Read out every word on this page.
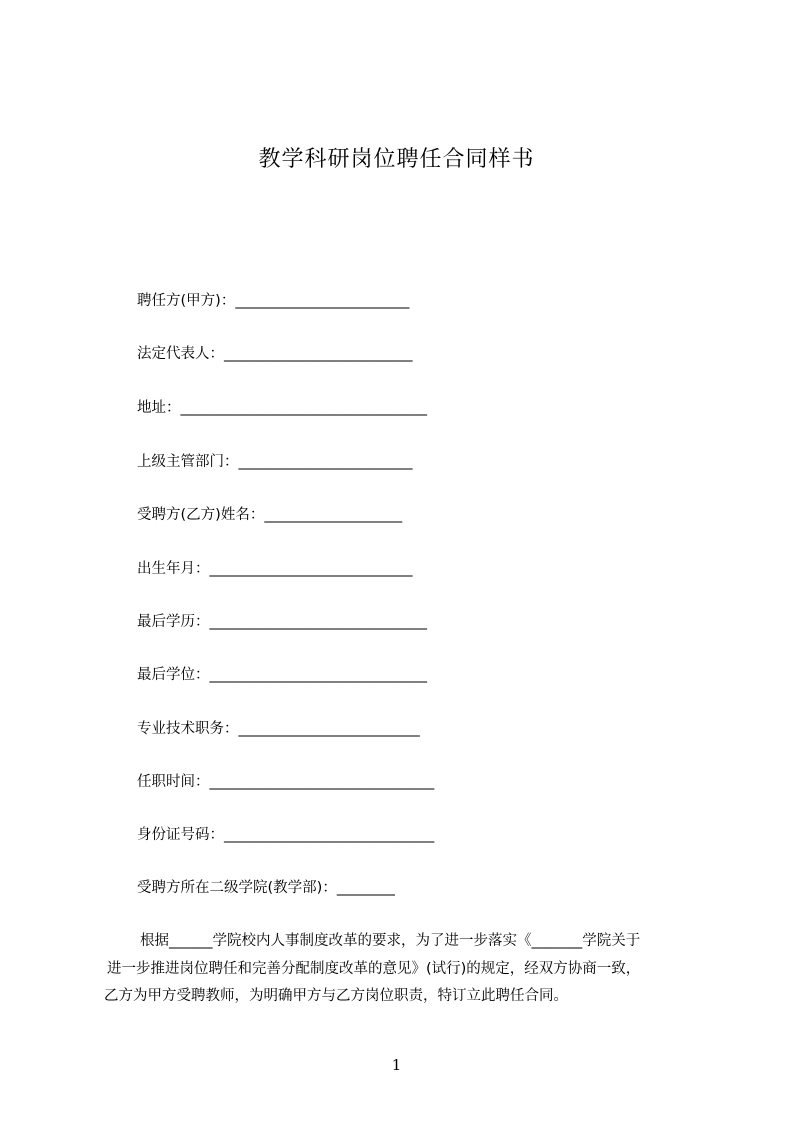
教学科研岗位聘任合同样书
聘任方(甲方)：________________________
法定代表人：__________________________
地址：__________________________________
上级主管部门：________________________
受聘方(乙方)姓名：___________________
出生年月：____________________________
最后学历：______________________________
最后学位：______________________________
专业技术职务：_________________________
任职时间：_______________________________
身份证号码：_____________________________
受聘方所在二级学院(教学部)：________
根据______学院校内人事制度改革的要求，为了进一步落实《_______学院关于
进一步推进岗位聘任和完善分配制度改革的意见》(试行)的规定，经双方协商一致，
乙方为甲方受聘教师，为明确甲方与乙方岗位职责，特订立此聘任合同。
1
